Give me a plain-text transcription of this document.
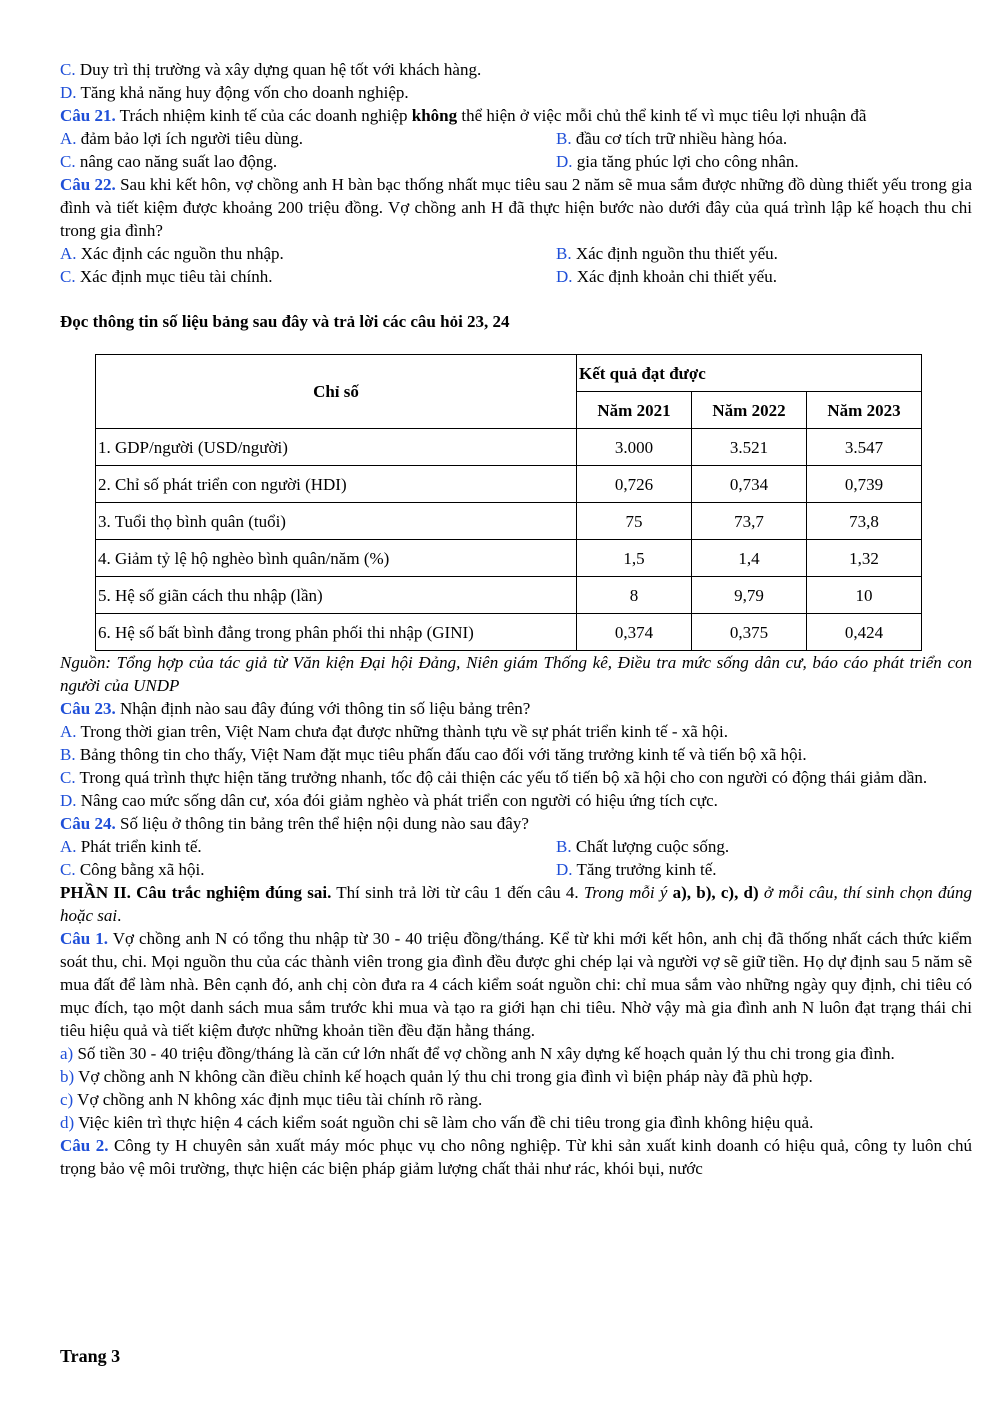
C. Duy trì thị trường và xây dựng quan hệ tốt với khách hàng.

D. Tăng khả năng huy động vốn cho doanh nghiệp.

Câu 21. Trách nhiệm kinh tế của các doanh nghiệp không thể hiện ở việc mỗi chủ thể kinh tế vì mục tiêu lợi nhuận đã

A. đảm bảo lợi ích người tiêu dùng.	B. đầu cơ tích trữ nhiều hàng hóa.
C. nâng cao năng suất lao động.	D. gia tăng phúc lợi cho công nhân.

Câu 22. Sau khi kết hôn, vợ chồng anh H bàn bạc thống nhất mục tiêu sau 2 năm sẽ mua sắm được những đồ dùng thiết yếu trong gia đình và tiết kiệm được khoảng 200 triệu đồng. Vợ chồng anh H đã thực hiện bước nào dưới đây của quá trình lập kế hoạch thu chi trong gia đình?

A. Xác định các nguồn thu nhập.	B. Xác định nguồn thu thiết yếu.
C. Xác định mục tiêu tài chính.	D. Xác định khoản chi thiết yếu.

Đọc thông tin số liệu bảng sau đây và trả lời các câu hỏi 23, 24

Chỉ số	Kết quả đạt được		
	Năm 2021	Năm 2022	Năm 2023
1. GDP/người (USD/người)	3.000	3.521	3.547
2. Chỉ số phát triển con người (HDI)	0,726	0,734	0,739
3. Tuổi thọ bình quân (tuổi)	75	73,7	73,8
4. Giảm tỷ lệ hộ nghèo bình quân/năm (%)	1,5	1,4	1,32
5. Hệ số giãn cách thu nhập (lần)	8	9,79	10
6. Hệ số bất bình đẳng trong phân phối thi nhập (GINI)	0,374	0,375	0,424

Nguồn: Tổng hợp của tác giả từ Văn kiện Đại hội Đảng, Niên giám Thống kê, Điều tra mức sống dân cư, báo cáo phát triển con người của UNDP

Câu 23. Nhận định nào sau đây đúng với thông tin số liệu bảng trên?

A. Trong thời gian trên, Việt Nam chưa đạt được những thành tựu về sự phát triển kinh tế - xã hội.

B. Bảng thông tin cho thấy, Việt Nam đặt mục tiêu phấn đấu cao đối với tăng trưởng kinh tế và tiến bộ xã hội.

C. Trong quá trình thực hiện tăng trưởng nhanh, tốc độ cải thiện các yếu tố tiến bộ xã hội cho con người có động thái giảm dần.

D. Nâng cao mức sống dân cư, xóa đói giảm nghèo và phát triển con người có hiệu ứng tích cực.

Câu 24. Số liệu ở thông tin bảng trên thể hiện nội dung nào sau đây?

A. Phát triển kinh tế.	B. Chất lượng cuộc sống.
C. Công bằng xã hội.	D. Tăng trưởng kinh tế.

PHẦN II. Câu trắc nghiệm đúng sai. Thí sinh trả lời từ câu 1 đến câu 4. Trong mỗi ý a), b), c), d) ở mỗi câu, thí sinh chọn đúng hoặc sai.

Câu 1. Vợ chồng anh N có tổng thu nhập từ 30 - 40 triệu đồng/tháng. Kể từ khi mới kết hôn, anh chị đã thống nhất cách thức kiểm soát thu, chi. Mọi nguồn thu của các thành viên trong gia đình đều được ghi chép lại và người vợ sẽ giữ tiền. Họ dự định sau 5 năm sẽ mua đất để làm nhà. Bên cạnh đó, anh chị còn đưa ra 4 cách kiểm soát nguồn chi: chỉ mua sắm vào những ngày quy định, chi tiêu có mục đích, tạo một danh sách mua sắm trước khi mua và tạo ra giới hạn chi tiêu. Nhờ vậy mà gia đình anh N luôn đạt trạng thái chi tiêu hiệu quả và tiết kiệm được những khoản tiền đều đặn hằng tháng.

a) Số tiền 30 - 40 triệu đồng/tháng là căn cứ lớn nhất để vợ chồng anh N xây dựng kế hoạch quản lý thu chi trong gia đình.

b) Vợ chồng anh N không cần điều chỉnh kế hoạch quản lý thu chi trong gia đình vì biện pháp này đã phù hợp.

c) Vợ chồng anh N không xác định mục tiêu tài chính rõ ràng.

d) Việc kiên trì thực hiện 4 cách kiểm soát nguồn chi sẽ làm cho vấn đề chi tiêu trong gia đình không hiệu quả.

Câu 2. Công ty H chuyên sản xuất máy móc phục vụ cho nông nghiệp. Từ khi sản xuất kinh doanh có hiệu quả, công ty luôn chú trọng bảo vệ môi trường, thực hiện các biện pháp giảm lượng chất thải như rác, khói bụi, nước

Trang 3
